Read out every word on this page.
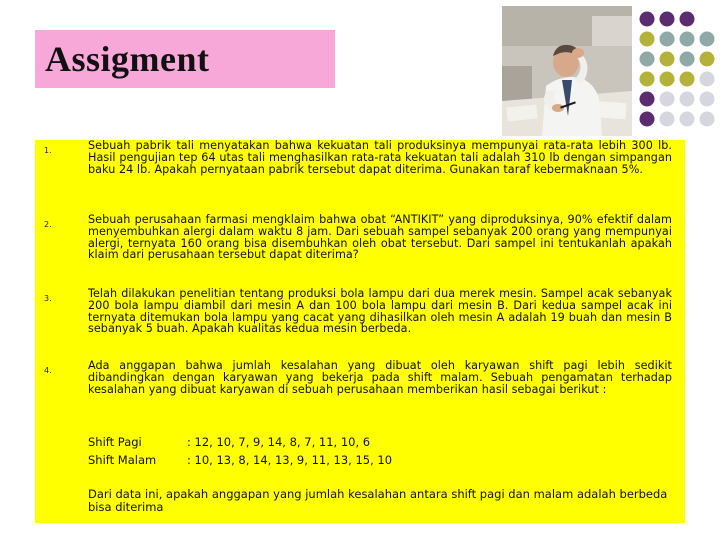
Assigment
1.	Sebuah pabrik tali menyatakan bahwa kekuatan tali produksinya mempunyai rata-rata lebih 300 lb. Hasil pengujian tep 64 utas tali menghasilkan rata-rata kekuatan tali adalah 310 lb dengan simpangan baku 24 lb. Apakah pernyataan pabrik tersebut dapat diterima. Gunakan taraf kebermaknaan 5%.
2.	Sebuah perusahaan farmasi mengklaim bahwa obat “ANTIKIT” yang diproduksinya, 90% efektif dalam menyembuhkan alergi dalam waktu 8 jam. Dari sebuah sampel sebanyak 200 orang yang mempunyai alergi, ternyata 160 orang bisa disembuhkan oleh obat tersebut. Dari sampel ini tentukanlah apakah klaim dari perusahaan tersebut dapat diterima?
3.	Telah dilakukan penelitian tentang produksi bola lampu dari dua merek mesin. Sampel acak sebanyak 200 bola lampu diambil dari mesin A dan 100 bola lampu dari mesin B. Dari kedua sampel acak ini ternyata ditemukan bola lampu yang cacat yang dihasilkan oleh mesin A adalah 19 buah dan mesin B sebanyak 5 buah. Apakah kualitas kedua mesin berbeda.
4.	Ada anggapan bahwa jumlah kesalahan yang dibuat oleh karyawan shift pagi lebih sedikit dibandingkan dengan karyawan yang bekerja pada shift malam. Sebuah pengamatan terhadap kesalahan yang dibuat karyawan di sebuah perusahaan memberikan hasil sebagai berikut :
Shift Pagi	: 12, 10, 7, 9, 14, 8, 7, 11, 10, 6
Shift Malam	: 10, 13, 8, 14, 13, 9, 11, 13, 15, 10
Dari data ini, apakah anggapan yang jumlah kesalahan antara shift pagi dan malam adalah berbeda bisa diterima
